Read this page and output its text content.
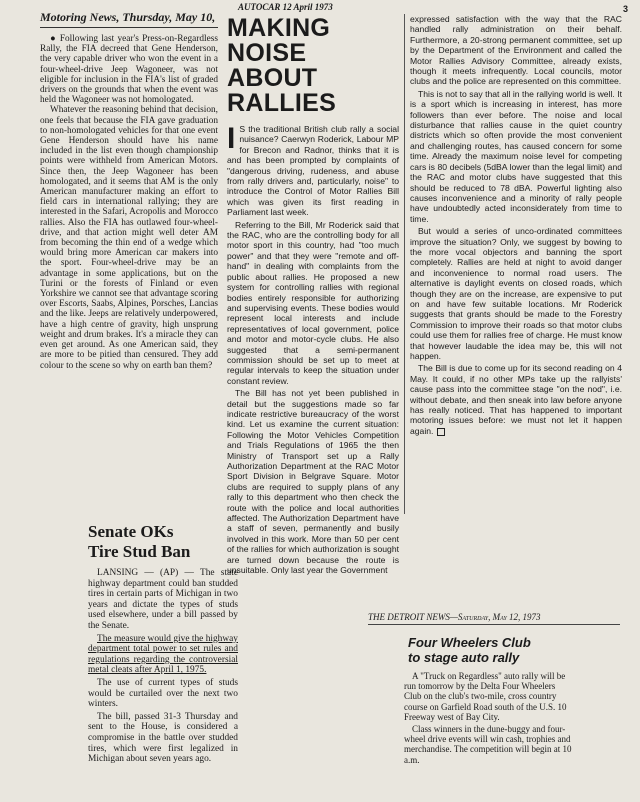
AUTOCAR 12 April 1973	3
Motoring News, Thursday, May 10,

● Following last year's Press-on-Regardless Rally, the FIA decreed that Gene Henderson, the very capable driver who won the event in a four-wheel-drive Jeep Wagoneer, was not eligible for inclusion in the FIA's list of graded drivers on the grounds that when the event was held the Wagoneer was not homologated.

Whatever the reasoning behind that decision, one feels that because the FIA gave graduation to non-homologated vehicles for that one event Gene Henderson should have his name included in the list even though championship points were withheld from American Motors. Since then, the Jeep Wagoneer has been homologated, and it seems that AM is the only American manufacturer making an effort to field cars in international rallying; they are interested in the Safari, Acropolis and Morocco rallies. Also the FIA has outlawed four-wheel-drive, and that action might well deter AM from becoming the thin end of a wedge which would bring more American car makers into the sport. Four-wheel-drive may be an advantage in some applications, but on the Turini or the forests of Finland or even Yorkshire we cannot see that advantage scoring over Escorts, Saabs, Alpines, Porsches, Lancias and the like. Jeeps are relatively underpowered, have a high centre of gravity, high unsprung weight and drum brakes. It's a miracle they can even get around. As one American said, they are more to be pitied than censured. They add colour to the scene so why on earth ban them?

MAKING NOISE
ABOUT RALLIES

I S the traditional British club rally a social nuisance? Caerwyn Roderick, Labour MP for Brecon and Radnor, thinks that it is and has been prompted by complaints of "dangerous driving, rudeness, and abuse from rally drivers and, particularly, noise" to introduce the Control of Motor Rallies Bill which was given its first reading in Parliament last week.

Referring to the Bill, Mr Roderick said that the RAC, who are the controlling body for all motor sport in this country, had "too much power" and that they were "remote and off-hand" in dealing with complaints from the public about rallies. He proposed a new system for controlling rallies with regional bodies entirely responsible for authorizing and supervising events. These bodies would represent local interests and include representatives of local government, police and motor and motor-cycle clubs. He also suggested that a semi-permanent commission should be set up to meet at regular intervals to keep the situation under constant review.

The Bill has not yet been published in detail but the suggestions made so far indicate restrictive bureaucracy of the worst kind. Let us examine the current situation: Following the Motor Vehicles Competition and Trials Regulations of 1965 the then Ministry of Transport set up a Rally Authorization Department at the RAC Motor Sport Division in Belgrave Square. Motor clubs are required to supply plans of any rally to this department who then check the route with the police and local authorities affected. The Authorization Department have a staff of seven, permanently and busily involved in this work. More than 50 per cent of the rallies for which authorization is sought are turned down because the route is unsuitable. Only last year the Government

expressed satisfaction with the way that the RAC handled rally administration on their behalf. Furthermore, a 20-strong permanent committee, set up by the Department of the Environment and called the Motor Rallies Advisory Committee, already exists, though it meets infrequently. Local councils, motor clubs and the police are represented on this committee.

This is not to say that all in the rallying world is well. It is a sport which is increasing in interest, has more followers than ever before. The noise and local disturbance that rallies cause in the quiet country districts which so often provide the most convenient and challenging routes, has caused concern for some time. Already the maximum noise level for competing cars is 80 decibels (5dBA lower than the legal limit) and the RAC and motor clubs have suggested that this should be reduced to 78 dBA. Powerful lighting also causes inconvenience and a minority of rally people have undoubtedly acted inconsiderately from time to time.

But would a series of unco-ordinated committees improve the situation? Only, we suggest by bowing to the more vocal objectors and banning the sport completely. Rallies are held at night to avoid danger and inconvenience to normal road users. The alternative is daylight events on closed roads, which though they are on the increase, are expensive to put on and have few suitable locations. Mr Roderick suggests that grants should be made to the Forestry Commission to improve their roads so that motor clubs could use them for rallies free of charge. He must know that however laudable the idea may be, this will not happen.

The Bill is due to come up for its second reading on 4 May. It could, if no other MPs take up the rallyists' cause pass into the committee stage "on the nod", i.e. without debate, and then sneak into law before anyone has really noticed. That has happened to important motoring issues before: we must not let it happen again.

Senate OKs
Tire Stud Ban

LANSING — (AP) — The state highway department could ban studded tires in certain parts of Michigan in two years and dictate the types of studs used elsewhere, under a bill passed by the Senate.

The measure would give the highway department total power to set rules and regulations regarding the controversial metal cleats after April 1, 1975.

The use of current types of studs would be curtailed over the next two winters.

The bill, passed 31-3 Thursday and sent to the House, is considered a compromise in the battle over studded tires, which were first legalized in Michigan about seven years ago.

THE DETROIT NEWS—Saturday, May 12, 1973
Four Wheelers Club
to stage auto rally

A "Truck on Regardless" auto rally will be run tomorrow by the Delta Four Wheelers Club on the club's two-mile, cross country course on Garfield Road south of the U.S. 10 Freeway west of Bay City.

Class winners in the dune-buggy and four-wheel drive events will win cash, trophies and merchandise. The competition will begin at 10 a.m.
